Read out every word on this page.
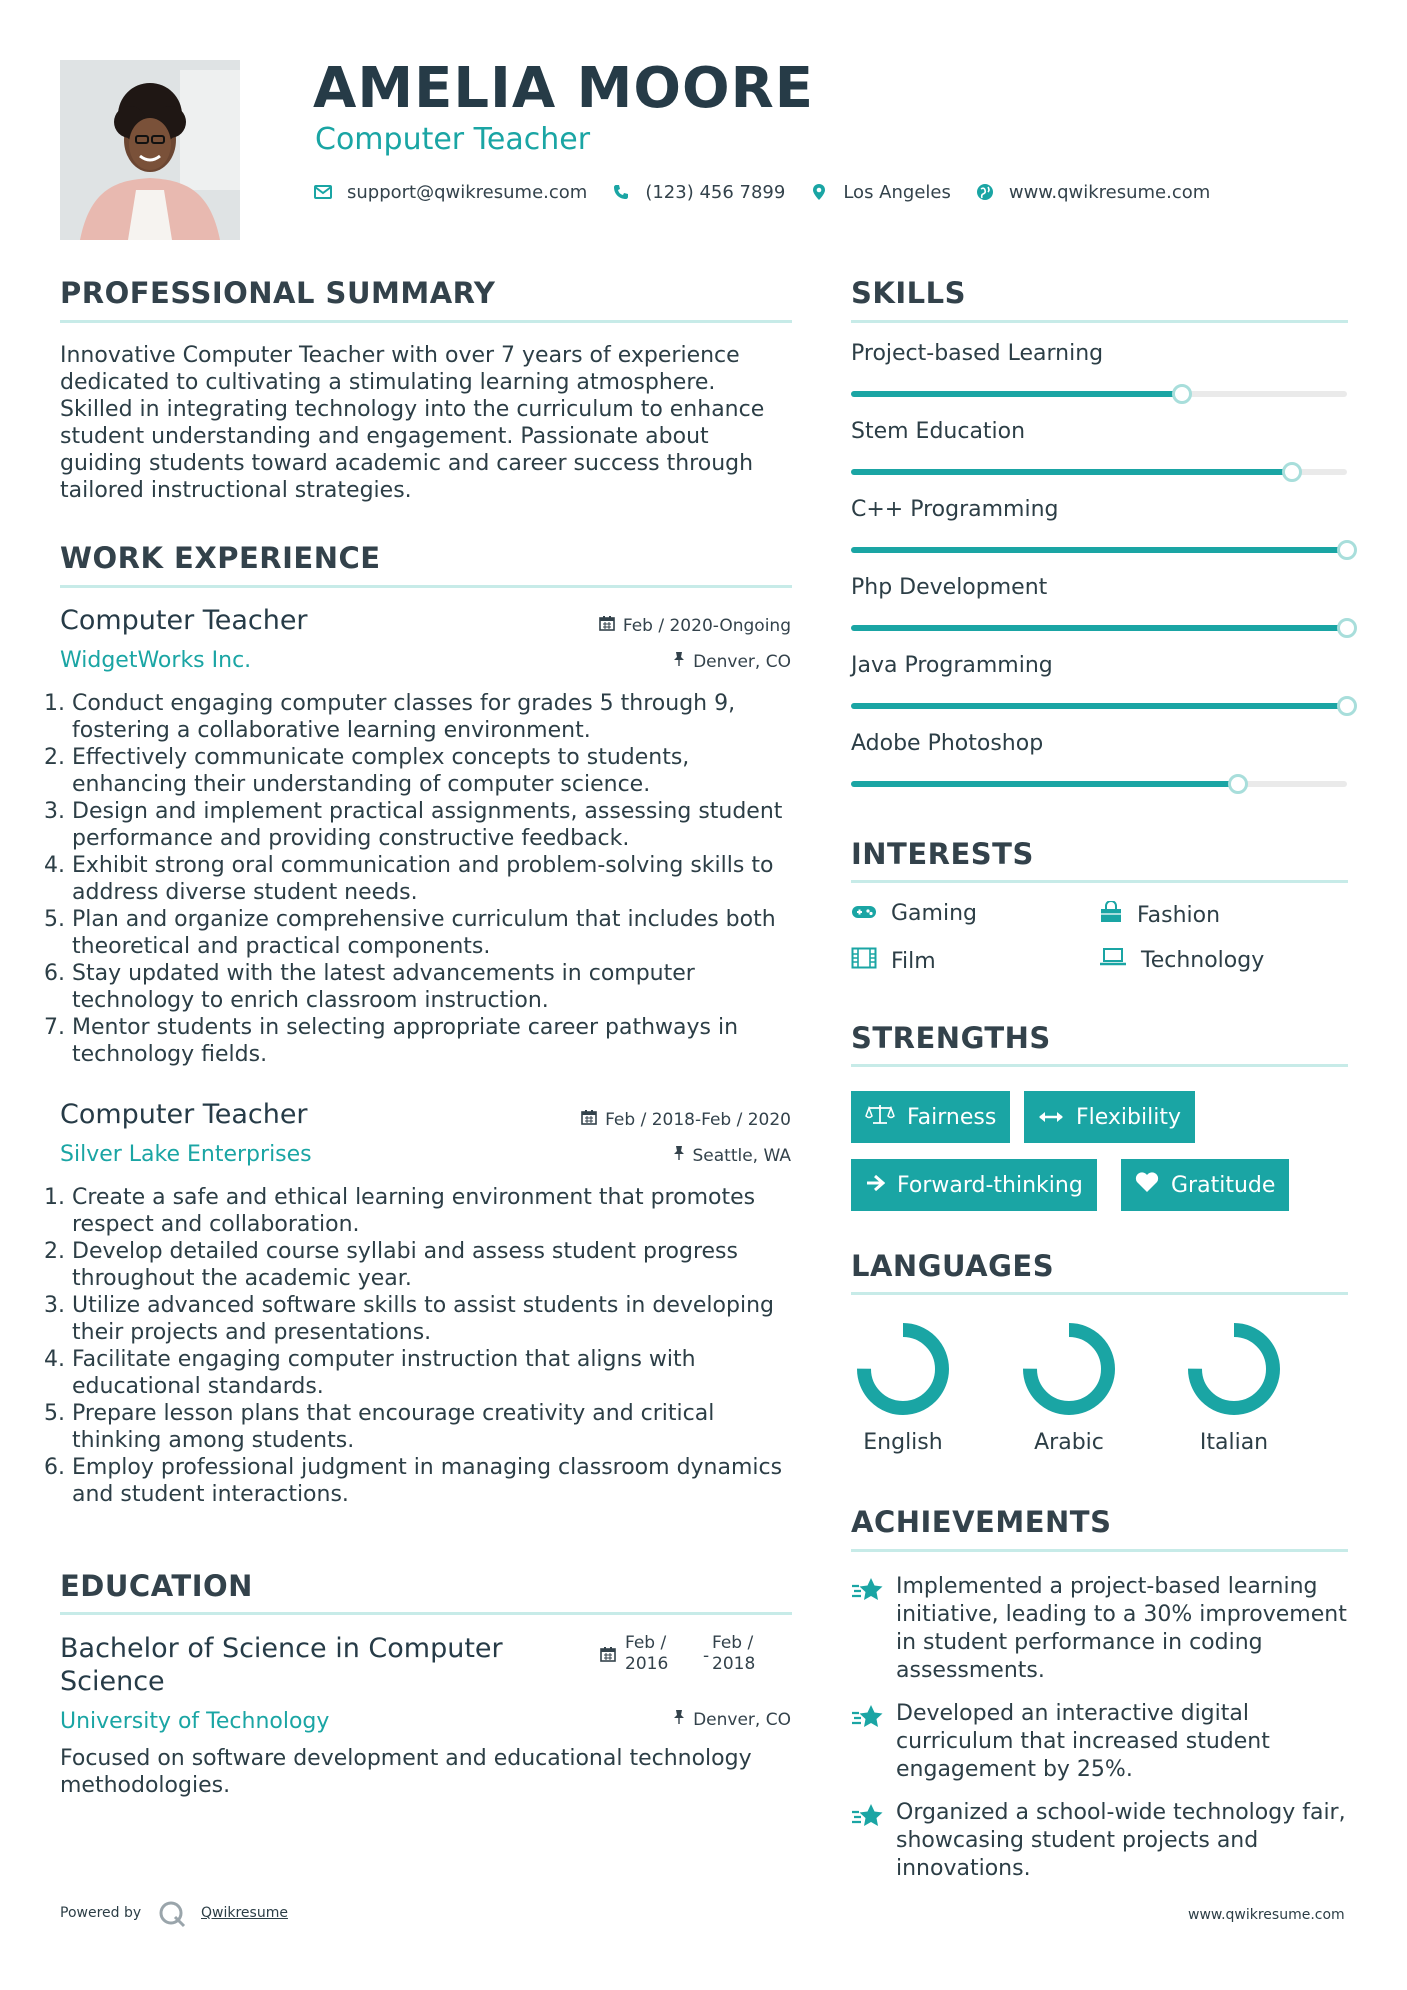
AMELIA MOORE
Computer Teacher
support@qwikresume.com	(123) 456 7899	Los Angeles	www.qwikresume.com
PROFESSIONAL SUMMARY
Innovative Computer Teacher with over 7 years of experience dedicated to cultivating a stimulating learning atmosphere. Skilled in integrating technology into the curriculum to enhance student understanding and engagement. Passionate about guiding students toward academic and career success through tailored instructional strategies.
WORK EXPERIENCE
Computer Teacher	Feb / 2020-Ongoing
WidgetWorks Inc.	Denver, CO
1. Conduct engaging computer classes for grades 5 through 9, fostering a collaborative learning environment.
2. Effectively communicate complex concepts to students, enhancing their understanding of computer science.
3. Design and implement practical assignments, assessing student performance and providing constructive feedback.
4. Exhibit strong oral communication and problem-solving skills to address diverse student needs.
5. Plan and organize comprehensive curriculum that includes both theoretical and practical components.
6. Stay updated with the latest advancements in computer technology to enrich classroom instruction.
7. Mentor students in selecting appropriate career pathways in technology fields.
Computer Teacher	Feb / 2018-Feb / 2020
Silver Lake Enterprises	Seattle, WA
1. Create a safe and ethical learning environment that promotes respect and collaboration.
2. Develop detailed course syllabi and assess student progress throughout the academic year.
3. Utilize advanced software skills to assist students in developing their projects and presentations.
4. Facilitate engaging computer instruction that aligns with educational standards.
5. Prepare lesson plans that encourage creativity and critical thinking among students.
6. Employ professional judgment in managing classroom dynamics and student interactions.
EDUCATION
Bachelor of Science in Computer Science
Feb /
2016 -
Feb /
2018
University of Technology	Denver, CO
Focused on software development and educational technology methodologies.
SKILLS
Project-based Learning
Stem Education
C++ Programming
Php Development
Java Programming
Adobe Photoshop
INTERESTS
Gaming	Fashion
Film	Technology
STRENGTHS
Fairness	Flexibility
Forward-thinking	Gratitude
LANGUAGES
English	Arabic	Italian
ACHIEVEMENTS
Implemented a project-based learning initiative, leading to a 30% improvement in student performance in coding assessments.
Developed an interactive digital curriculum that increased student engagement by 25%.
Organized a school-wide technology fair, showcasing student projects and innovations.
Powered by	Qwikresume	www.qwikresume.com
